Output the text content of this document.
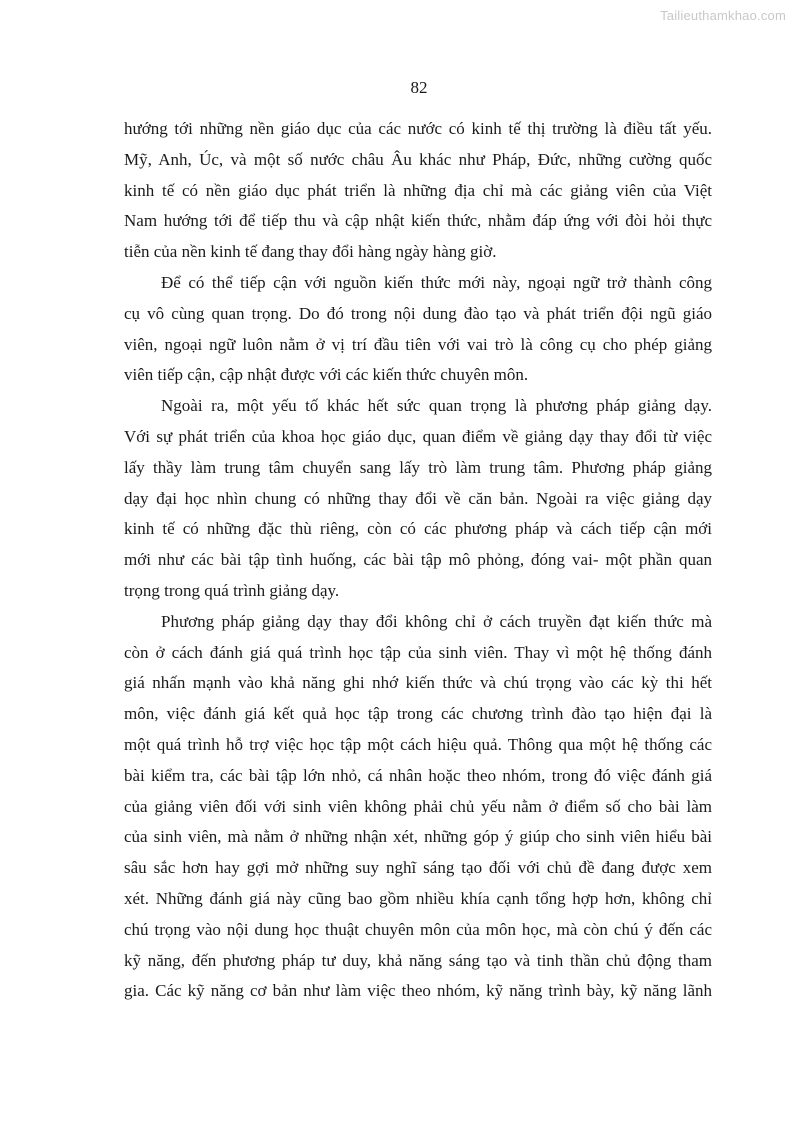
Tailieuthamkhao.com
82
hướng tới những nền giáo dục của các nước có kinh tế thị trường là điều tất yếu.
Mỹ, Anh, Úc, và một số nước châu Âu khác như Pháp, Đức, những cường quốc
kinh tế có nền giáo dục phát triển là những địa chỉ mà các giảng viên của Việt
Nam hướng tới để tiếp thu và cập nhật kiến thức, nhằm đáp ứng với đòi hỏi thực
tiễn của nền kinh tế đang thay đổi hàng ngày hàng giờ.
Để có thể tiếp cận với nguồn kiến thức mới này, ngoại ngữ trở thành công
cụ vô cùng quan trọng. Do đó trong nội dung đào tạo và phát triển đội ngũ giáo
viên, ngoại ngữ luôn nằm ở vị trí đầu tiên với vai trò là công cụ cho phép giảng
viên tiếp cận, cập nhật được với các kiến thức chuyên môn.
Ngoài ra, một yếu tố khác hết sức quan trọng là phương pháp giảng dạy.
Với sự phát triển của khoa học giáo dục, quan điểm về giảng dạy thay đổi từ việc
lấy thầy làm trung tâm chuyển sang lấy trò làm trung tâm. Phương pháp giảng
dạy đại học nhìn chung có những thay đổi về căn bản. Ngoài ra việc giảng dạy
kinh tế có những đặc thù riêng, còn có các phương pháp và cách tiếp cận mới
mới như các bài tập tình huống, các bài tập mô phỏng, đóng vai- một phần quan
trọng trong quá trình giảng dạy.
Phương pháp giảng dạy thay đổi không chỉ ở cách truyền đạt kiến thức mà
còn ở cách đánh giá quá trình học tập của sinh viên. Thay vì một hệ thống đánh
giá nhấn mạnh vào khả năng ghi nhớ kiến thức và chú trọng vào các kỳ thi hết
môn, việc đánh giá kết quả học tập trong các chương trình đào tạo hiện đại là
một quá trình hỗ trợ việc học tập một cách hiệu quả. Thông qua một hệ thống các
bài kiểm tra, các bài tập lớn nhỏ, cá nhân hoặc theo nhóm, trong đó việc đánh giá
của giảng viên đối với sinh viên không phải chủ yếu nằm ở điểm số cho bài làm
của sinh viên, mà nằm ở những nhận xét, những góp ý giúp cho sinh viên hiểu bài
sâu sắc hơn hay gợi mở những suy nghĩ sáng tạo đối với chủ đề đang được xem
xét. Những đánh giá này cũng bao gồm nhiều khía cạnh tổng hợp hơn, không chỉ
chú trọng vào nội dung học thuật chuyên môn của môn học, mà còn chú ý đến các
kỹ năng, đến phương pháp tư duy, khả năng sáng tạo và tinh thần chủ động tham
gia. Các kỹ năng cơ bản như làm việc theo nhóm, kỹ năng trình bày, kỹ năng lãnh
